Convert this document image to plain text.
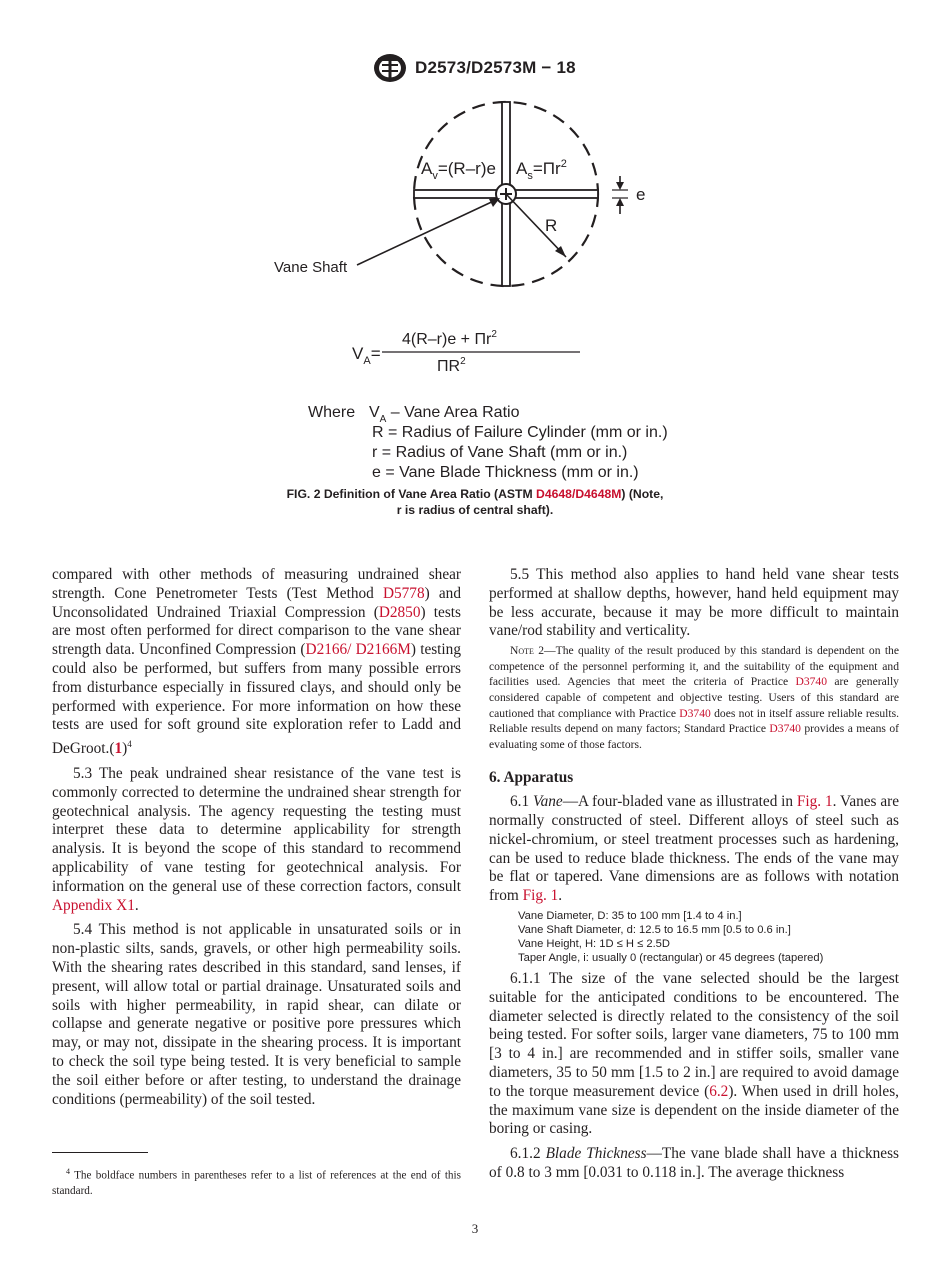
D2573/D2573M − 18
$A_v=(R-r)e$ $A_s=\Pi r^2$
e
R
Vane Shaft
$V_A=$
$4(R-r)e + \Pi r^2$
$\Pi R^2$
Where $V_A$ – Vane Area Ratio
R = Radius of Failure Cylinder (mm or in.)
r = Radius of Vane Shaft (mm or in.)
e = Vane Blade Thickness (mm or in.)
FIG. 2 Definition of Vane Area Ratio (ASTM D4648/D4648M) (Note,
r is radius of central shaft).

compared with other methods of measuring undrained shear strength. Cone Penetrometer Tests (Test Method D5778) and Unconsolidated Undrained Triaxial Compression (D2850) tests are most often performed for direct comparison to the vane shear strength data. Unconfined Compression (D2166/ D2166M) testing could also be performed, but suffers from many possible errors from disturbance especially in fissured clays, and should only be performed with experience. For more information on how these tests are used for soft ground site exploration refer to Ladd and $DeGroot.(1)^4$

5.3 The peak undrained shear resistance of the vane test is commonly corrected to determine the undrained shear strength for geotechnical analysis. The agency requesting the testing must interpret these data to determine applicability for strength analysis. It is beyond the scope of this standard to recommend applicability of vane testing for geotechnical analysis. For information on the general use of these correction factors, consult Appendix X1.

5.4 This method is not applicable in unsaturated soils or in non-plastic silts, sands, gravels, or other high permeability soils. With the shearing rates described in this standard, sand lenses, if present, will allow total or partial drainage. Unsaturated soils and soils with higher permeability, in rapid shear, can dilate or collapse and generate negative or positive pore pressures which may, or may not, dissipate in the shearing process. It is important to check the soil type being tested. It is very beneficial to sample the soil either before or after testing, to understand the drainage conditions (permeability) of the soil tested.

$^4$ The boldface numbers in parentheses refer to a list of references at the end of this standard.

5.5 This method also applies to hand held vane shear tests performed at shallow depths, however, hand held equipment may be less accurate, because it may be more difficult to maintain vane/rod stability and verticality.

Note 2—The quality of the result produced by this standard is dependent on the competence of the personnel performing it, and the suitability of the equipment and facilities used. Agencies that meet the criteria of Practice D3740 are generally considered capable of competent and objective testing. Users of this standard are cautioned that compliance with Practice D3740 does not in itself assure reliable results. Reliable results depend on many factors; Standard Practice D3740 provides a means of evaluating some of those factors.

6. Apparatus

6.1 Vane—A four-bladed vane as illustrated in Fig. 1. Vanes are normally constructed of steel. Different alloys of steel such as nickel-chromium, or steel treatment processes such as hardening, can be used to reduce blade thickness. The ends of the vane may be flat or tapered. Vane dimensions are as follows with notation from Fig. 1.

Vane Diameter, D: 35 to 100 mm [1.4 to 4 in.]
Vane Shaft Diameter, d: 12.5 to 16.5 mm [0.5 to 0.6 in.]
Vane Height, H: 1D ≤ H ≤ 2.5D
Taper Angle, i: usually 0 (rectangular) or 45 degrees (tapered)

6.1.1 The size of the vane selected should be the largest suitable for the anticipated conditions to be encountered. The diameter selected is directly related to the consistency of the soil being tested. For softer soils, larger vane diameters, 75 to 100 mm [3 to 4 in.] are recommended and in stiffer soils, smaller vane diameters, 35 to 50 mm [1.5 to 2 in.] are required to avoid damage to the torque measurement device (6.2). When used in drill holes, the maximum vane size is dependent on the inside diameter of the boring or casing.

6.1.2 Blade Thickness—The vane blade shall have a thickness of 0.8 to 3 mm [0.031 to 0.118 in.]. The average thickness

3
